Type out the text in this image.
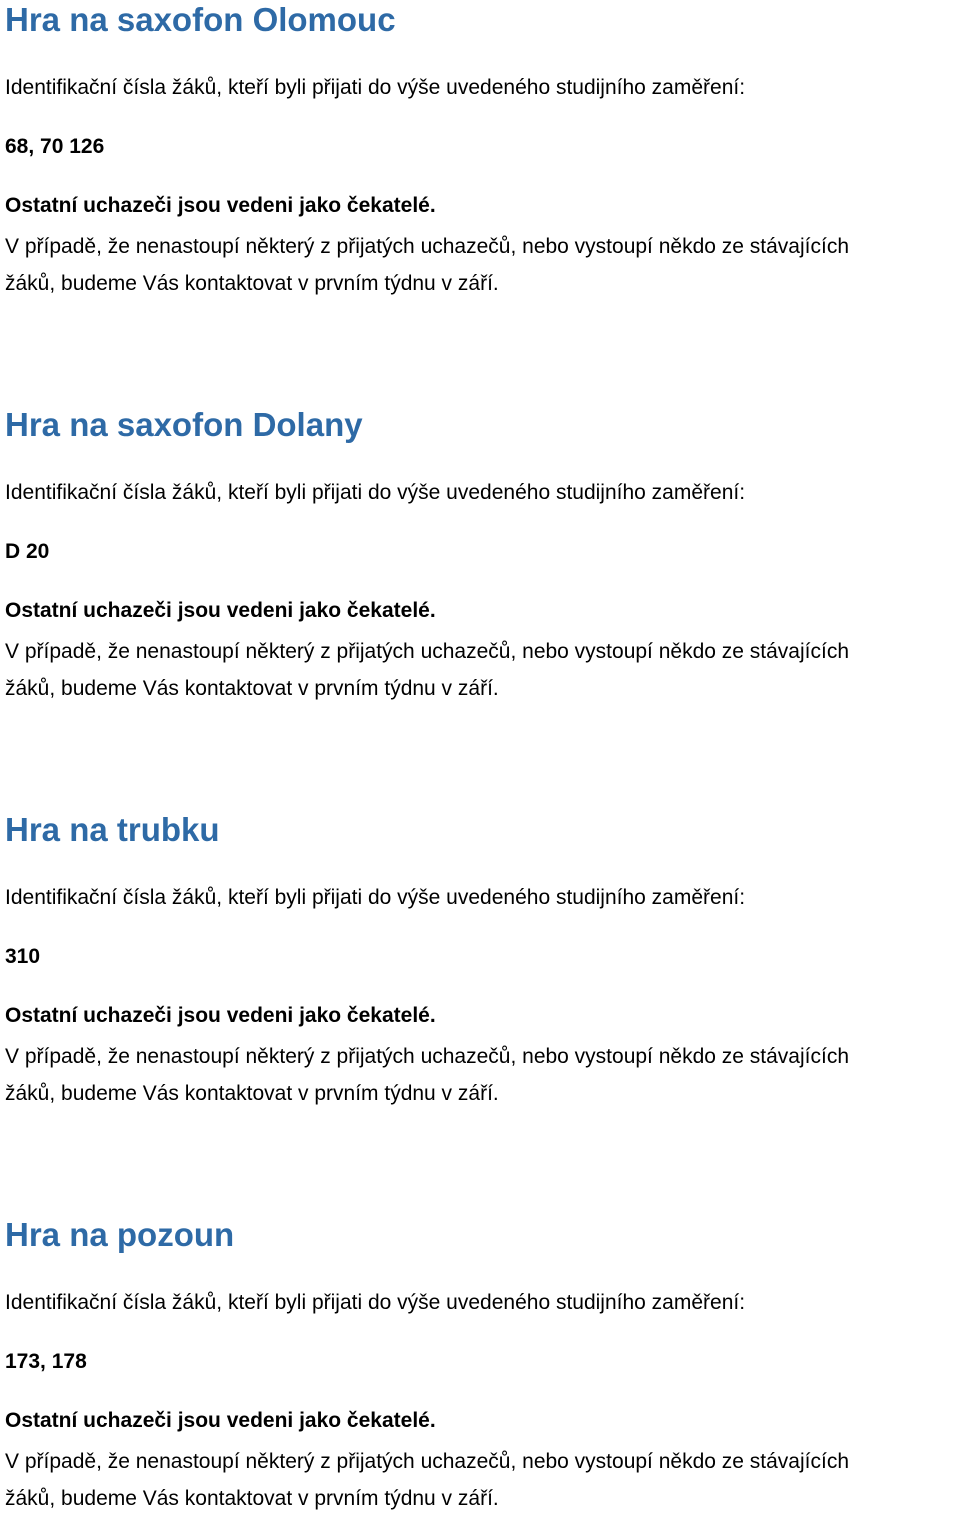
Hra na saxofon Olomouc
Identifikační čísla žáků, kteří byli přijati do výše uvedeného studijního zaměření:
68, 70 126
Ostatní uchazeči jsou vedeni jako čekatelé.
V případě, že nenastoupí některý z přijatých uchazečů, nebo vystoupí někdo ze stávajících
žáků, budeme Vás kontaktovat v prvním týdnu v září.
Hra na saxofon Dolany
Identifikační čísla žáků, kteří byli přijati do výše uvedeného studijního zaměření:
D 20
Ostatní uchazeči jsou vedeni jako čekatelé.
V případě, že nenastoupí některý z přijatých uchazečů, nebo vystoupí někdo ze stávajících
žáků, budeme Vás kontaktovat v prvním týdnu v září.
Hra na trubku
Identifikační čísla žáků, kteří byli přijati do výše uvedeného studijního zaměření:
310
Ostatní uchazeči jsou vedeni jako čekatelé.
V případě, že nenastoupí některý z přijatých uchazečů, nebo vystoupí někdo ze stávajících
žáků, budeme Vás kontaktovat v prvním týdnu v září.
Hra na pozoun
Identifikační čísla žáků, kteří byli přijati do výše uvedeného studijního zaměření:
173, 178
Ostatní uchazeči jsou vedeni jako čekatelé.
V případě, že nenastoupí některý z přijatých uchazečů, nebo vystoupí někdo ze stávajících
žáků, budeme Vás kontaktovat v prvním týdnu v září.
